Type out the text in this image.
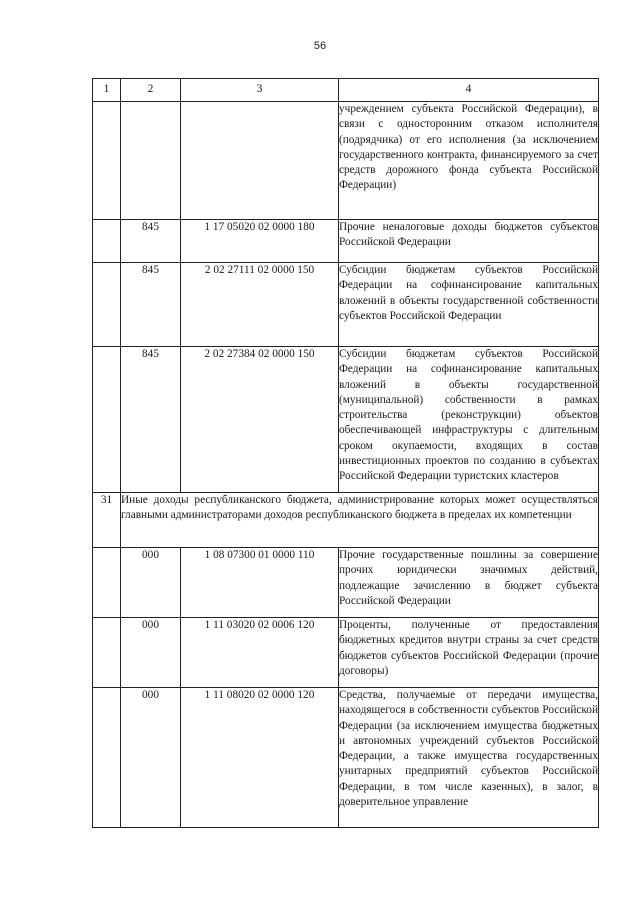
56
1	2	3	4
			учреждением субъекта Российской Федерации), в связи с односторонним отказом исполнителя (подрядчика) от его исполнения (за исключением государственного контракта, финансируемого за счет средств дорожного фонда субъекта Российской Федерации)
	845	1 17 05020 02 0000 180	Прочие неналоговые доходы бюджетов субъектов Российской Федерации
	845	2 02 27111 02 0000 150	Субсидии бюджетам субъектов Российской Федерации на софинансирование капитальных вложений в объекты государственной собственности субъектов Российской Федерации
	845	2 02 27384 02 0000 150	Субсидии бюджетам субъектов Российской Федерации на софинансирование капитальных вложений в объекты государственной (муниципальной) собственности в рамках строительства (реконструкции) объектов обеспечивающей инфраструктуры с длительным сроком окупаемости, входящих в состав инвестиционных проектов по созданию в субъектах Российской Федерации туристских кластеров
31	Иные доходы республиканского бюджета, администрирование которых может осуществляться главными администраторами доходов республиканского бюджета в пределах их компетенции		
	000	1 08 07300 01 0000 110	Прочие государственные пошлины за совершение прочих юридически значимых действий, подлежащие зачислению в бюджет субъекта Российской Федерации
	000	1 11 03020 02 0006 120	Проценты, полученные от предоставления бюджетных кредитов внутри страны за счет средств бюджетов субъектов Российской Федерации (прочие договоры)
	000	1 11 08020 02 0000 120	Средства, получаемые от передачи имущества, находящегося в собственности субъектов Российской Федерации (за исключением имущества бюджетных и автономных учреждений субъектов Российской Федерации, а также имущества государственных унитарных предприятий субъектов Российской Федерации, в том числе казенных), в залог, в доверительное управление
